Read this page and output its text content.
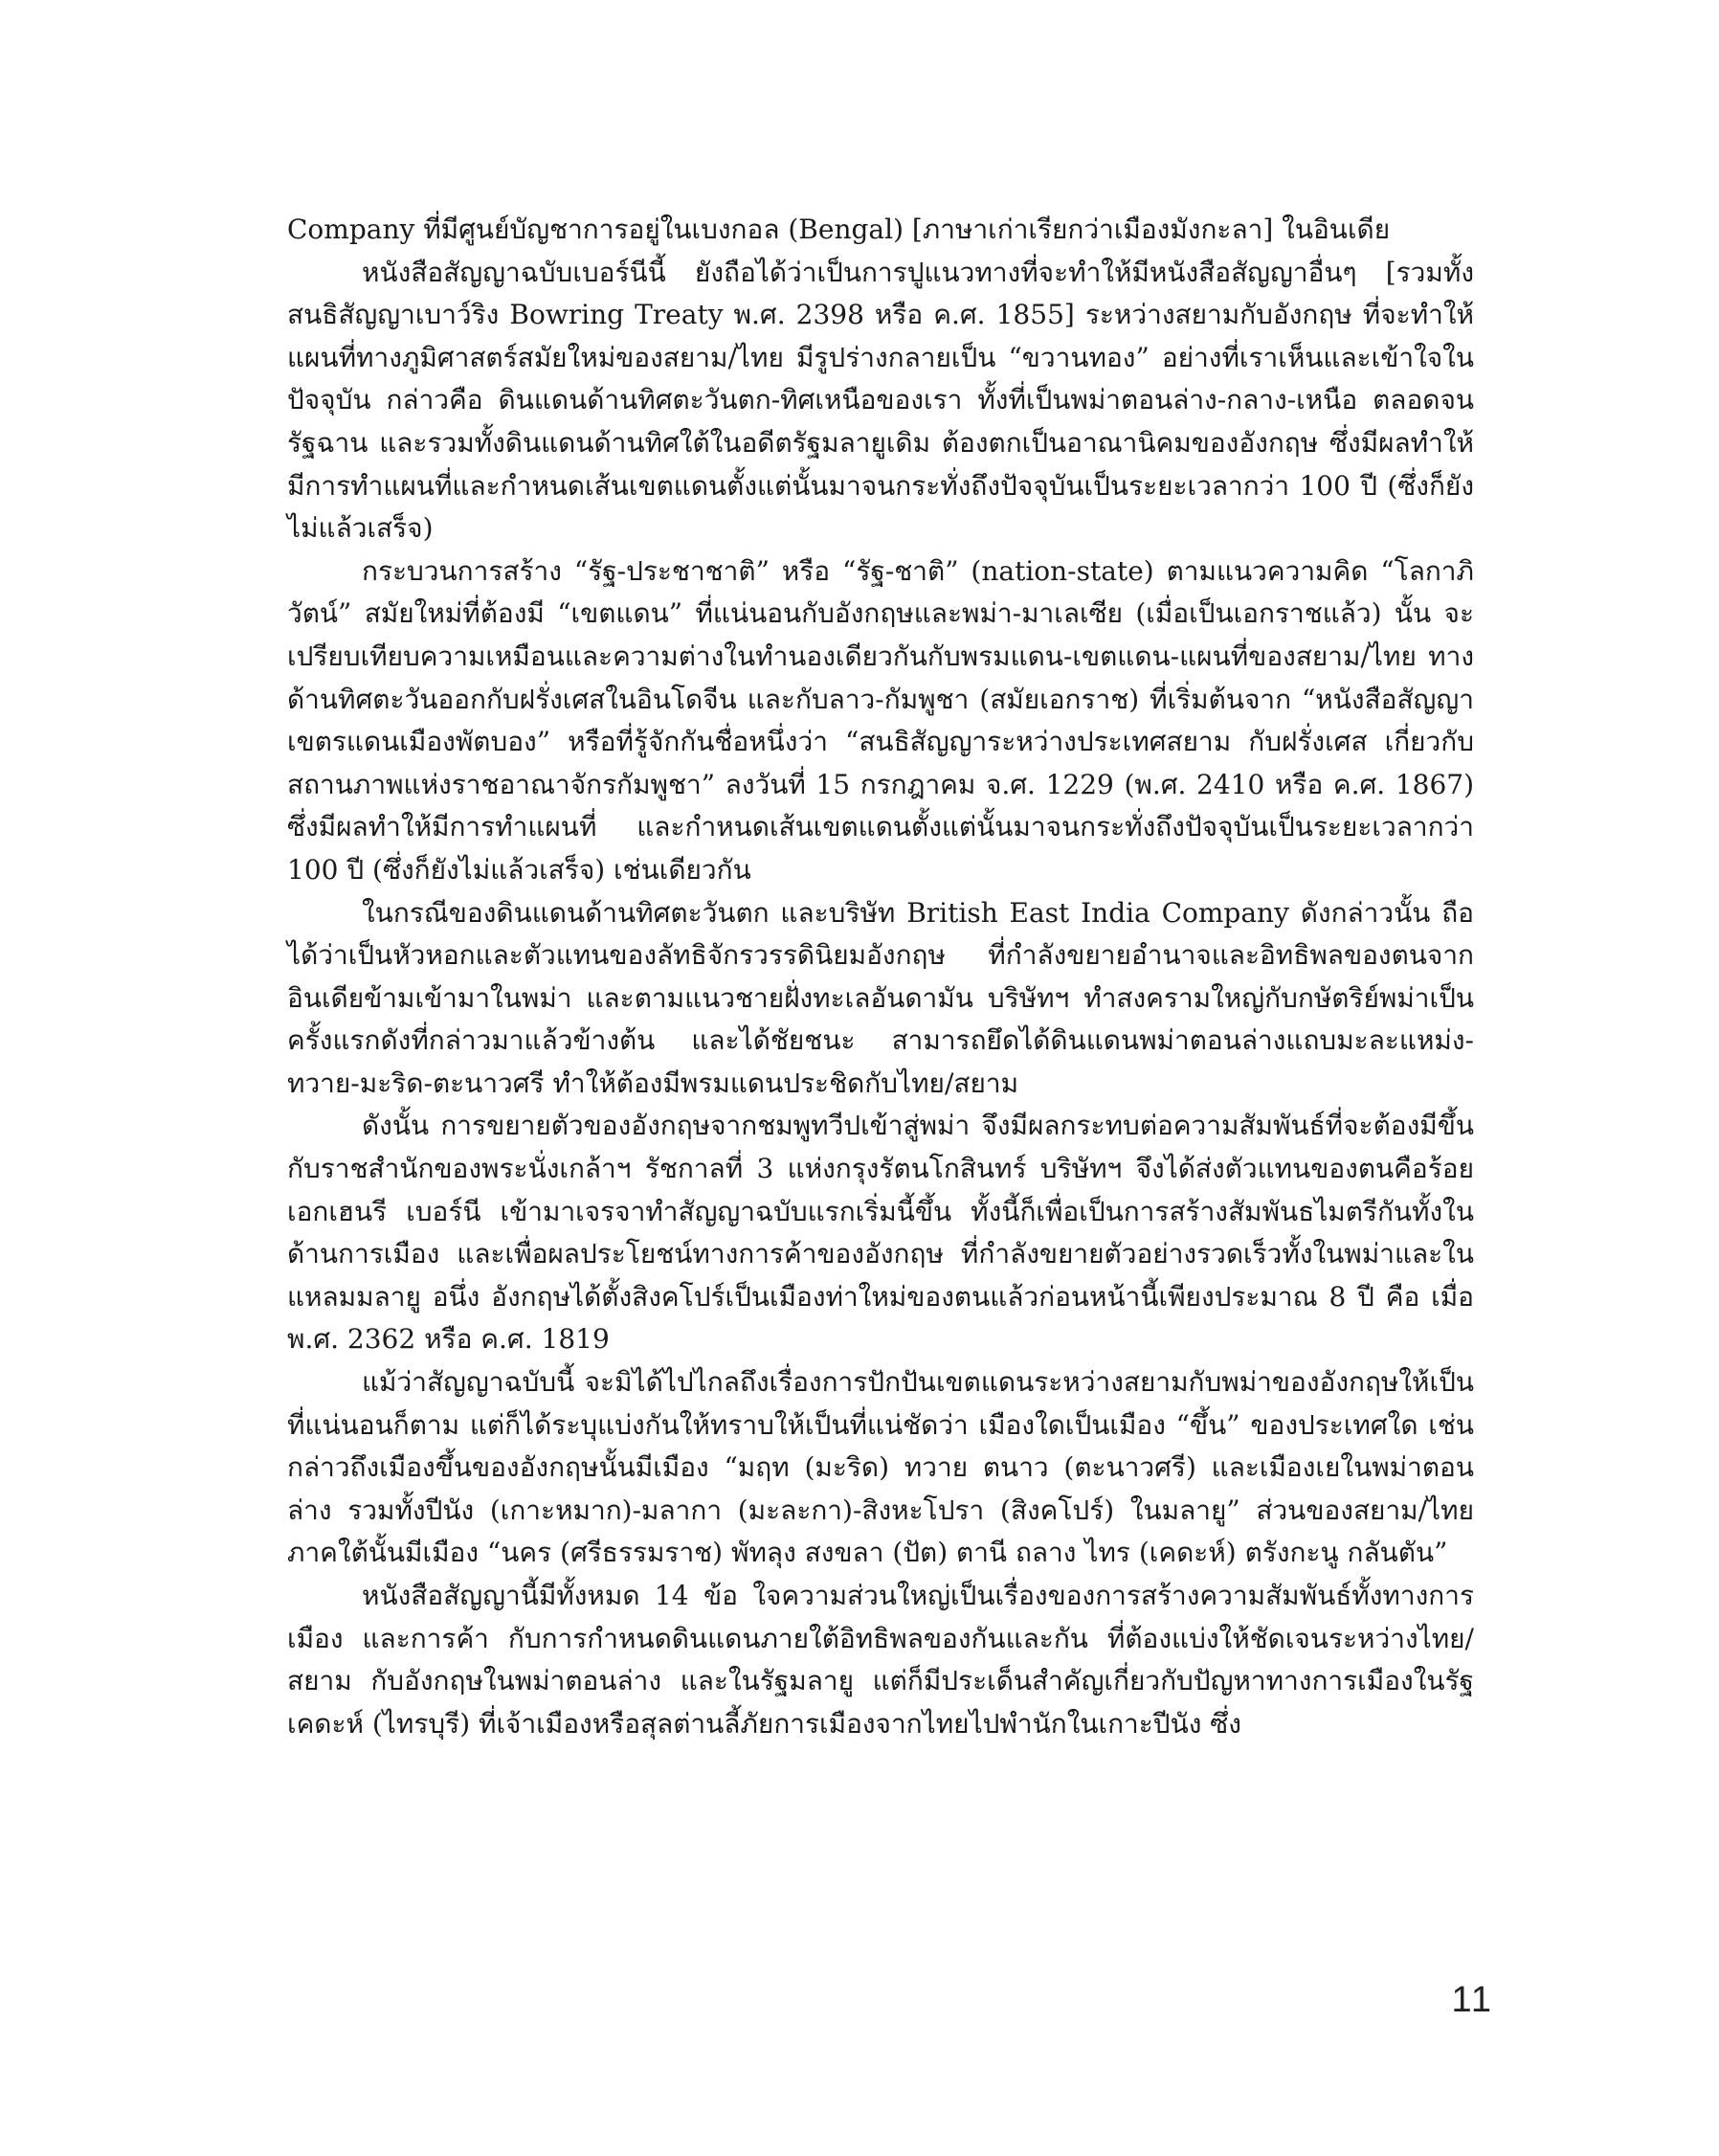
Company ที่มีศูนย์บัญชาการอยู่ในเบงกอล (Bengal) [ภาษาเก่าเรียกว่าเมืองมังกะลา] ในอินเดีย

หนังสือสัญญาฉบับเบอร์นีนี้ ยังถือได้ว่าเป็นการปูแนวทางที่จะทำให้มีหนังสือสัญญาอื่นๆ [รวมทั้งสนธิสัญญาเบาว์ริง Bowring Treaty พ.ศ. 2398 หรือ ค.ศ. 1855] ระหว่างสยามกับอังกฤษ ที่จะทำให้แผนที่ทางภูมิศาสตร์สมัยใหม่ของสยาม/ไทย มีรูปร่างกลายเป็น “ขวานทอง” อย่างที่เราเห็นและเข้าใจในปัจจุบัน กล่าวคือ ดินแดนด้านทิศตะวันตก-ทิศเหนือของเรา ทั้งที่เป็นพม่าตอนล่าง-กลาง-เหนือ ตลอดจนรัฐฉาน และรวมทั้งดินแดนด้านทิศใต้ในอดีตรัฐมลายูเดิม ต้องตกเป็นอาณานิคมของอังกฤษ ซึ่งมีผลทำให้มีการทำแผนที่และกำหนดเส้นเขตแดนตั้งแต่นั้นมาจนกระทั่งถึงปัจจุบันเป็นระยะเวลากว่า 100 ปี (ซึ่งก็ยังไม่แล้วเสร็จ)

กระบวนการสร้าง “รัฐ-ประชาชาติ” หรือ “รัฐ-ชาติ” (nation-state) ตามแนวความคิด “โลกาภิวัตน์” สมัยใหม่ที่ต้องมี “เขตแดน” ที่แน่นอนกับอังกฤษและพม่า-มาเลเซีย (เมื่อเป็นเอกราชแล้ว) นั้น จะเปรียบเทียบความเหมือนและความต่างในทำนองเดียวกันกับพรมแดน-เขตแดน-แผนที่ของสยาม/ไทย ทางด้านทิศตะวันออกกับฝรั่งเศสในอินโดจีน และกับลาว-กัมพูชา (สมัยเอกราช) ที่เริ่มต้นจาก “หนังสือสัญญาเขตรแดนเมืองพัตบอง” หรือที่รู้จักกันชื่อหนึ่งว่า “สนธิสัญญาระหว่างประเทศสยาม กับฝรั่งเศส เกี่ยวกับสถานภาพแห่งราชอาณาจักรกัมพูชา” ลงวันที่ 15 กรกฎาคม จ.ศ. 1229 (พ.ศ. 2410 หรือ ค.ศ. 1867) ซึ่งมีผลทำให้มีการทำแผนที่ และกำหนดเส้นเขตแดนตั้งแต่นั้นมาจนกระทั่งถึงปัจจุบันเป็นระยะเวลากว่า 100 ปี (ซึ่งก็ยังไม่แล้วเสร็จ) เช่นเดียวกัน

ในกรณีของดินแดนด้านทิศตะวันตก และบริษัท British East India Company ดังกล่าวนั้น ถือได้ว่าเป็นหัวหอกและตัวแทนของลัทธิจักรวรรดินิยมอังกฤษ ที่กำลังขยายอำนาจและอิทธิพลของตนจากอินเดียข้ามเข้ามาในพม่า และตามแนวชายฝั่งทะเลอันดามัน บริษัทฯ ทำสงครามใหญ่กับกษัตริย์พม่าเป็นครั้งแรกดังที่กล่าวมาแล้วข้างต้น และได้ชัยชนะ สามารถยึดได้ดินแดนพม่าตอนล่างแถบมะละแหม่ง-ทวาย-มะริด-ตะนาวศรี ทำให้ต้องมีพรมแดนประชิดกับไทย/สยาม

ดังนั้น การขยายตัวของอังกฤษจากชมพูทวีปเข้าสู่พม่า จึงมีผลกระทบต่อความสัมพันธ์ที่จะต้องมีขึ้นกับราชสำนักของพระนั่งเกล้าฯ รัชกาลที่ 3 แห่งกรุงรัตนโกสินทร์ บริษัทฯ จึงได้ส่งตัวแทนของตนคือร้อยเอกเฮนรี เบอร์นี เข้ามาเจรจาทำสัญญาฉบับแรกเริ่มนี้ขึ้น ทั้งนี้ก็เพื่อเป็นการสร้างสัมพันธไมตรีกันทั้งในด้านการเมือง และเพื่อผลประโยชน์ทางการค้าของอังกฤษ ที่กำลังขยายตัวอย่างรวดเร็วทั้งในพม่าและในแหลมมลายู อนึ่ง อังกฤษได้ตั้งสิงคโปร์เป็นเมืองท่าใหม่ของตนแล้วก่อนหน้านี้เพียงประมาณ 8 ปี คือ เมื่อ พ.ศ. 2362 หรือ ค.ศ. 1819

แม้ว่าสัญญาฉบับนี้ จะมิได้ไปไกลถึงเรื่องการปักปันเขตแดนระหว่างสยามกับพม่าของอังกฤษให้เป็นที่แน่นอนก็ตาม แต่ก็ได้ระบุแบ่งกันให้ทราบให้เป็นที่แน่ชัดว่า เมืองใดเป็นเมือง “ขึ้น” ของประเทศใด เช่นกล่าวถึงเมืองขึ้นของอังกฤษนั้นมีเมือง “มฤท (มะริด) ทวาย ตนาว (ตะนาวศรี) และเมืองเยในพม่าตอนล่าง รวมทั้งปีนัง (เกาะหมาก)-มลากา (มะละกา)-สิงหะโปรา (สิงคโปร์) ในมลายู” ส่วนของสยาม/ไทยภาคใต้นั้นมีเมือง “นคร (ศรีธรรมราช) พัทลุง สงขลา (ปัต) ตานี ถลาง ไทร (เคดะห์) ตรังกะนู กลันตัน”

หนังสือสัญญานี้มีทั้งหมด 14 ข้อ ใจความส่วนใหญ่เป็นเรื่องของการสร้างความสัมพันธ์ทั้งทางการเมือง และการค้า กับการกำหนดดินแดนภายใต้อิทธิพลของกันและกัน ที่ต้องแบ่งให้ชัดเจนระหว่างไทย/สยาม กับอังกฤษในพม่าตอนล่าง และในรัฐมลายู แต่ก็มีประเด็นสำคัญเกี่ยวกับปัญหาทางการเมืองในรัฐเคดะห์ (ไทรบุรี) ที่เจ้าเมืองหรือสุลต่านลี้ภัยการเมืองจากไทยไปพำนักในเกาะปีนัง ซึ่ง

11
